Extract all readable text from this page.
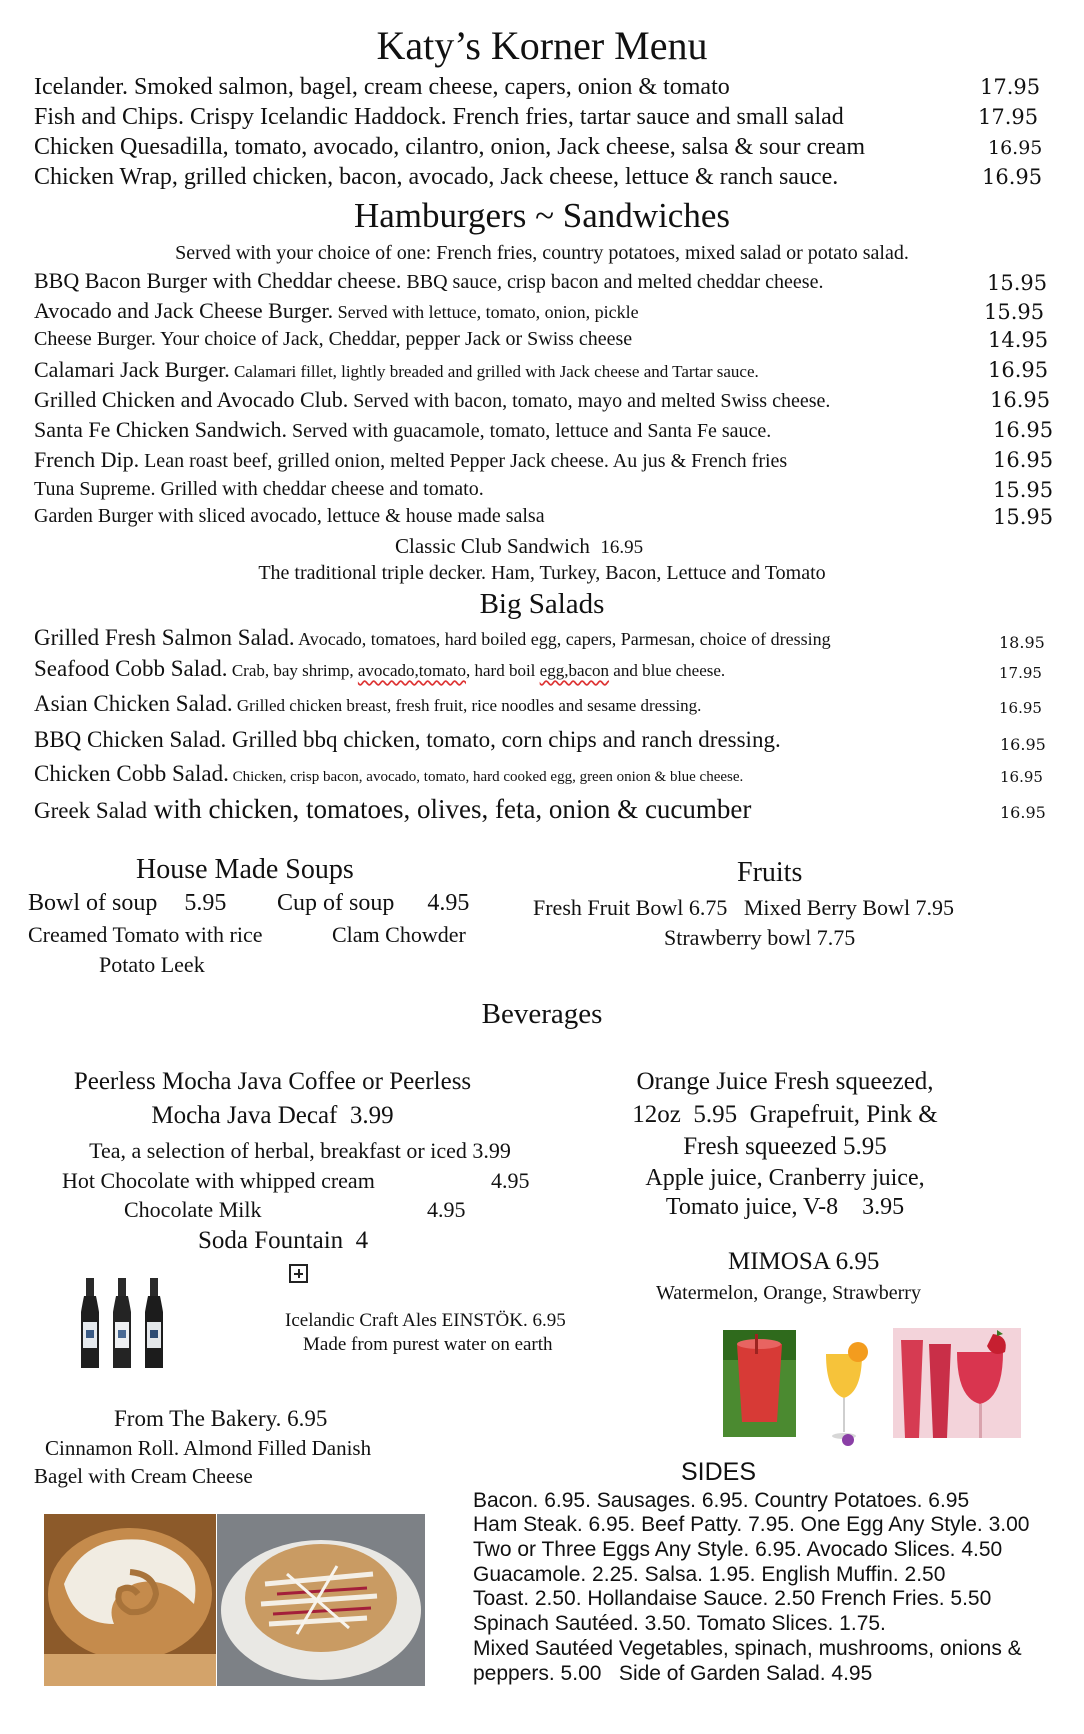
Katy’s Korner Menu
Icelander. Smoked salmon, bagel, cream cheese, capers, onion & tomato	17.95
Fish and Chips. Crispy Icelandic Haddock. French fries, tartar sauce and small salad	17.95
Chicken Quesadilla, tomato, avocado, cilantro, onion, Jack cheese, salsa & sour cream	16.95
Chicken Wrap, grilled chicken, bacon, avocado, Jack cheese, lettuce & ranch sauce.	16.95
Hamburgers ~ Sandwiches
Served with your choice of one: French fries, country potatoes, mixed salad or potato salad.
BBQ Bacon Burger with Cheddar cheese. BBQ sauce, crisp bacon and melted cheddar cheese.	15.95
Avocado and Jack Cheese Burger. Served with lettuce, tomato, onion, pickle	15.95
Cheese Burger. Your choice of Jack, Cheddar, pepper Jack or Swiss cheese	14.95
Calamari Jack Burger. Calamari fillet, lightly breaded and grilled with Jack cheese and Tartar sauce.	16.95
Grilled Chicken and Avocado Club. Served with bacon, tomato, mayo and melted Swiss cheese.	16.95
Santa Fe Chicken Sandwich. Served with guacamole, tomato, lettuce and Santa Fe sauce.	16.95
French Dip. Lean roast beef, grilled onion, melted Pepper Jack cheese. Au jus & French fries	16.95
Tuna Supreme. Grilled with cheddar cheese and tomato.	15.95
Garden Burger with sliced avocado, lettuce & house made salsa	15.95
Classic Club Sandwich 16.95
The traditional triple decker. Ham, Turkey, Bacon, Lettuce and Tomato
Big Salads
Grilled Fresh Salmon Salad. Avocado, tomatoes, hard boiled egg, capers, Parmesan, choice of dressing	18.95
Seafood Cobb Salad. Crab, bay shrimp, avocado,tomato, hard boil egg,bacon and blue cheese.	17.95
Asian Chicken Salad. Grilled chicken breast, fresh fruit, rice noodles and sesame dressing.	16.95
BBQ Chicken Salad. Grilled bbq chicken, tomato, corn chips and ranch dressing.	16.95
Chicken Cobb Salad. Chicken, crisp bacon, avocado, tomato, hard cooked egg, green onion & blue cheese.	16.95
Greek Salad with chicken, tomatoes, olives, feta, onion & cucumber	16.95
House Made Soups
Bowl of soup 5.95 Cup of soup 4.95
Creamed Tomato with rice	Clam Chowder
Potato Leek
Fruits
Fresh Fruit Bowl 6.75   Mixed Berry Bowl 7.95
Strawberry bowl 7.75
Beverages
Peerless Mocha Java Coffee or Peerless
Mocha Java Decaf  3.99
Tea, a selection of herbal, breakfast or iced 3.99
Hot Chocolate with whipped cream	4.95
Chocolate Milk	4.95
Soda Fountain  4
Icelandic Craft Ales EINSTÖK. 6.95
Made from purest water on earth
Orange Juice Fresh squeezed,
12oz  5.95  Grapefruit, Pink &
Fresh squeezed 5.95
Apple juice, Cranberry juice,
Tomato juice, V-8    3.95
MIMOSA 6.95
Watermelon, Orange, Strawberry
From The Bakery. 6.95
Cinnamon Roll. Almond Filled Danish
Bagel with Cream Cheese	SIDES
Bacon. 6.95. Sausages. 6.95. Country Potatoes. 6.95
Ham Steak. 6.95. Beef Patty. 7.95. One Egg Any Style. 3.00
Two or Three Eggs Any Style. 6.95. Avocado Slices. 4.50
Guacamole. 2.25. Salsa. 1.95. English Muffin. 2.50
Toast. 2.50. Hollandaise Sauce. 2.50 French Fries. 5.50
Spinach Sautéed. 3.50. Tomato Slices. 1.75.
Mixed Sautéed Vegetables, spinach, mushrooms, onions &
peppers. 5.00   Side of Garden Salad. 4.95
